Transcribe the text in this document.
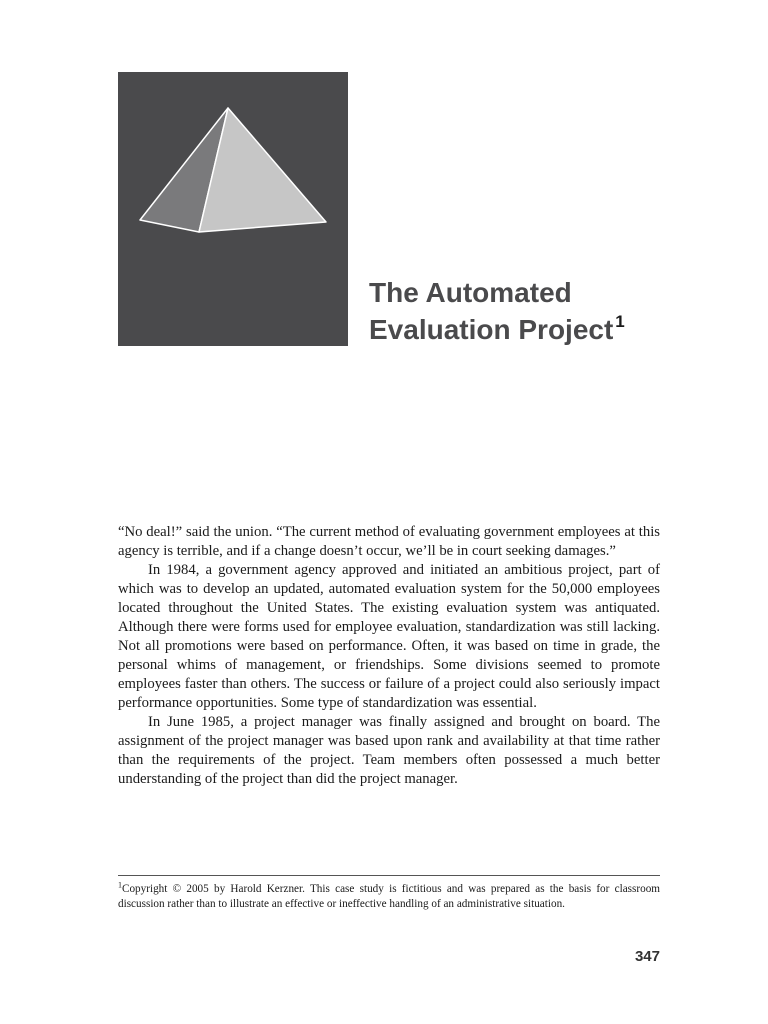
The Automated
Evaluation Project $^1$

“No deal!” said the union. “The current method of evaluating government employees at this agency is terrible, and if a change doesn’t occur, we’ll be in court seeking damages.”

In 1984, a government agency approved and initiated an ambitious project, part of which was to develop an updated, automated evaluation system for the 50,000 employees located throughout the United States. The existing evaluation system was antiquated. Although there were forms used for employee evaluation, standardization was still lacking. Not all promotions were based on performance. Often, it was based on time in grade, the personal whims of management, or friendships. Some divisions seemed to promote employees faster than others. The success or failure of a project could also seriously impact performance opportunities. Some type of standardization was essential.

In June 1985, a project manager was finally assigned and brought on board. The assignment of the project manager was based upon rank and availability at that time rather than the requirements of the project. Team members often possessed a much better understanding of the project than did the project manager.

$^1$Copyright © 2005 by Harold Kerzner. This case study is fictitious and was prepared as the basis for classroom discussion rather than to illustrate an effective or ineffective handling of an administrative situation.
347
